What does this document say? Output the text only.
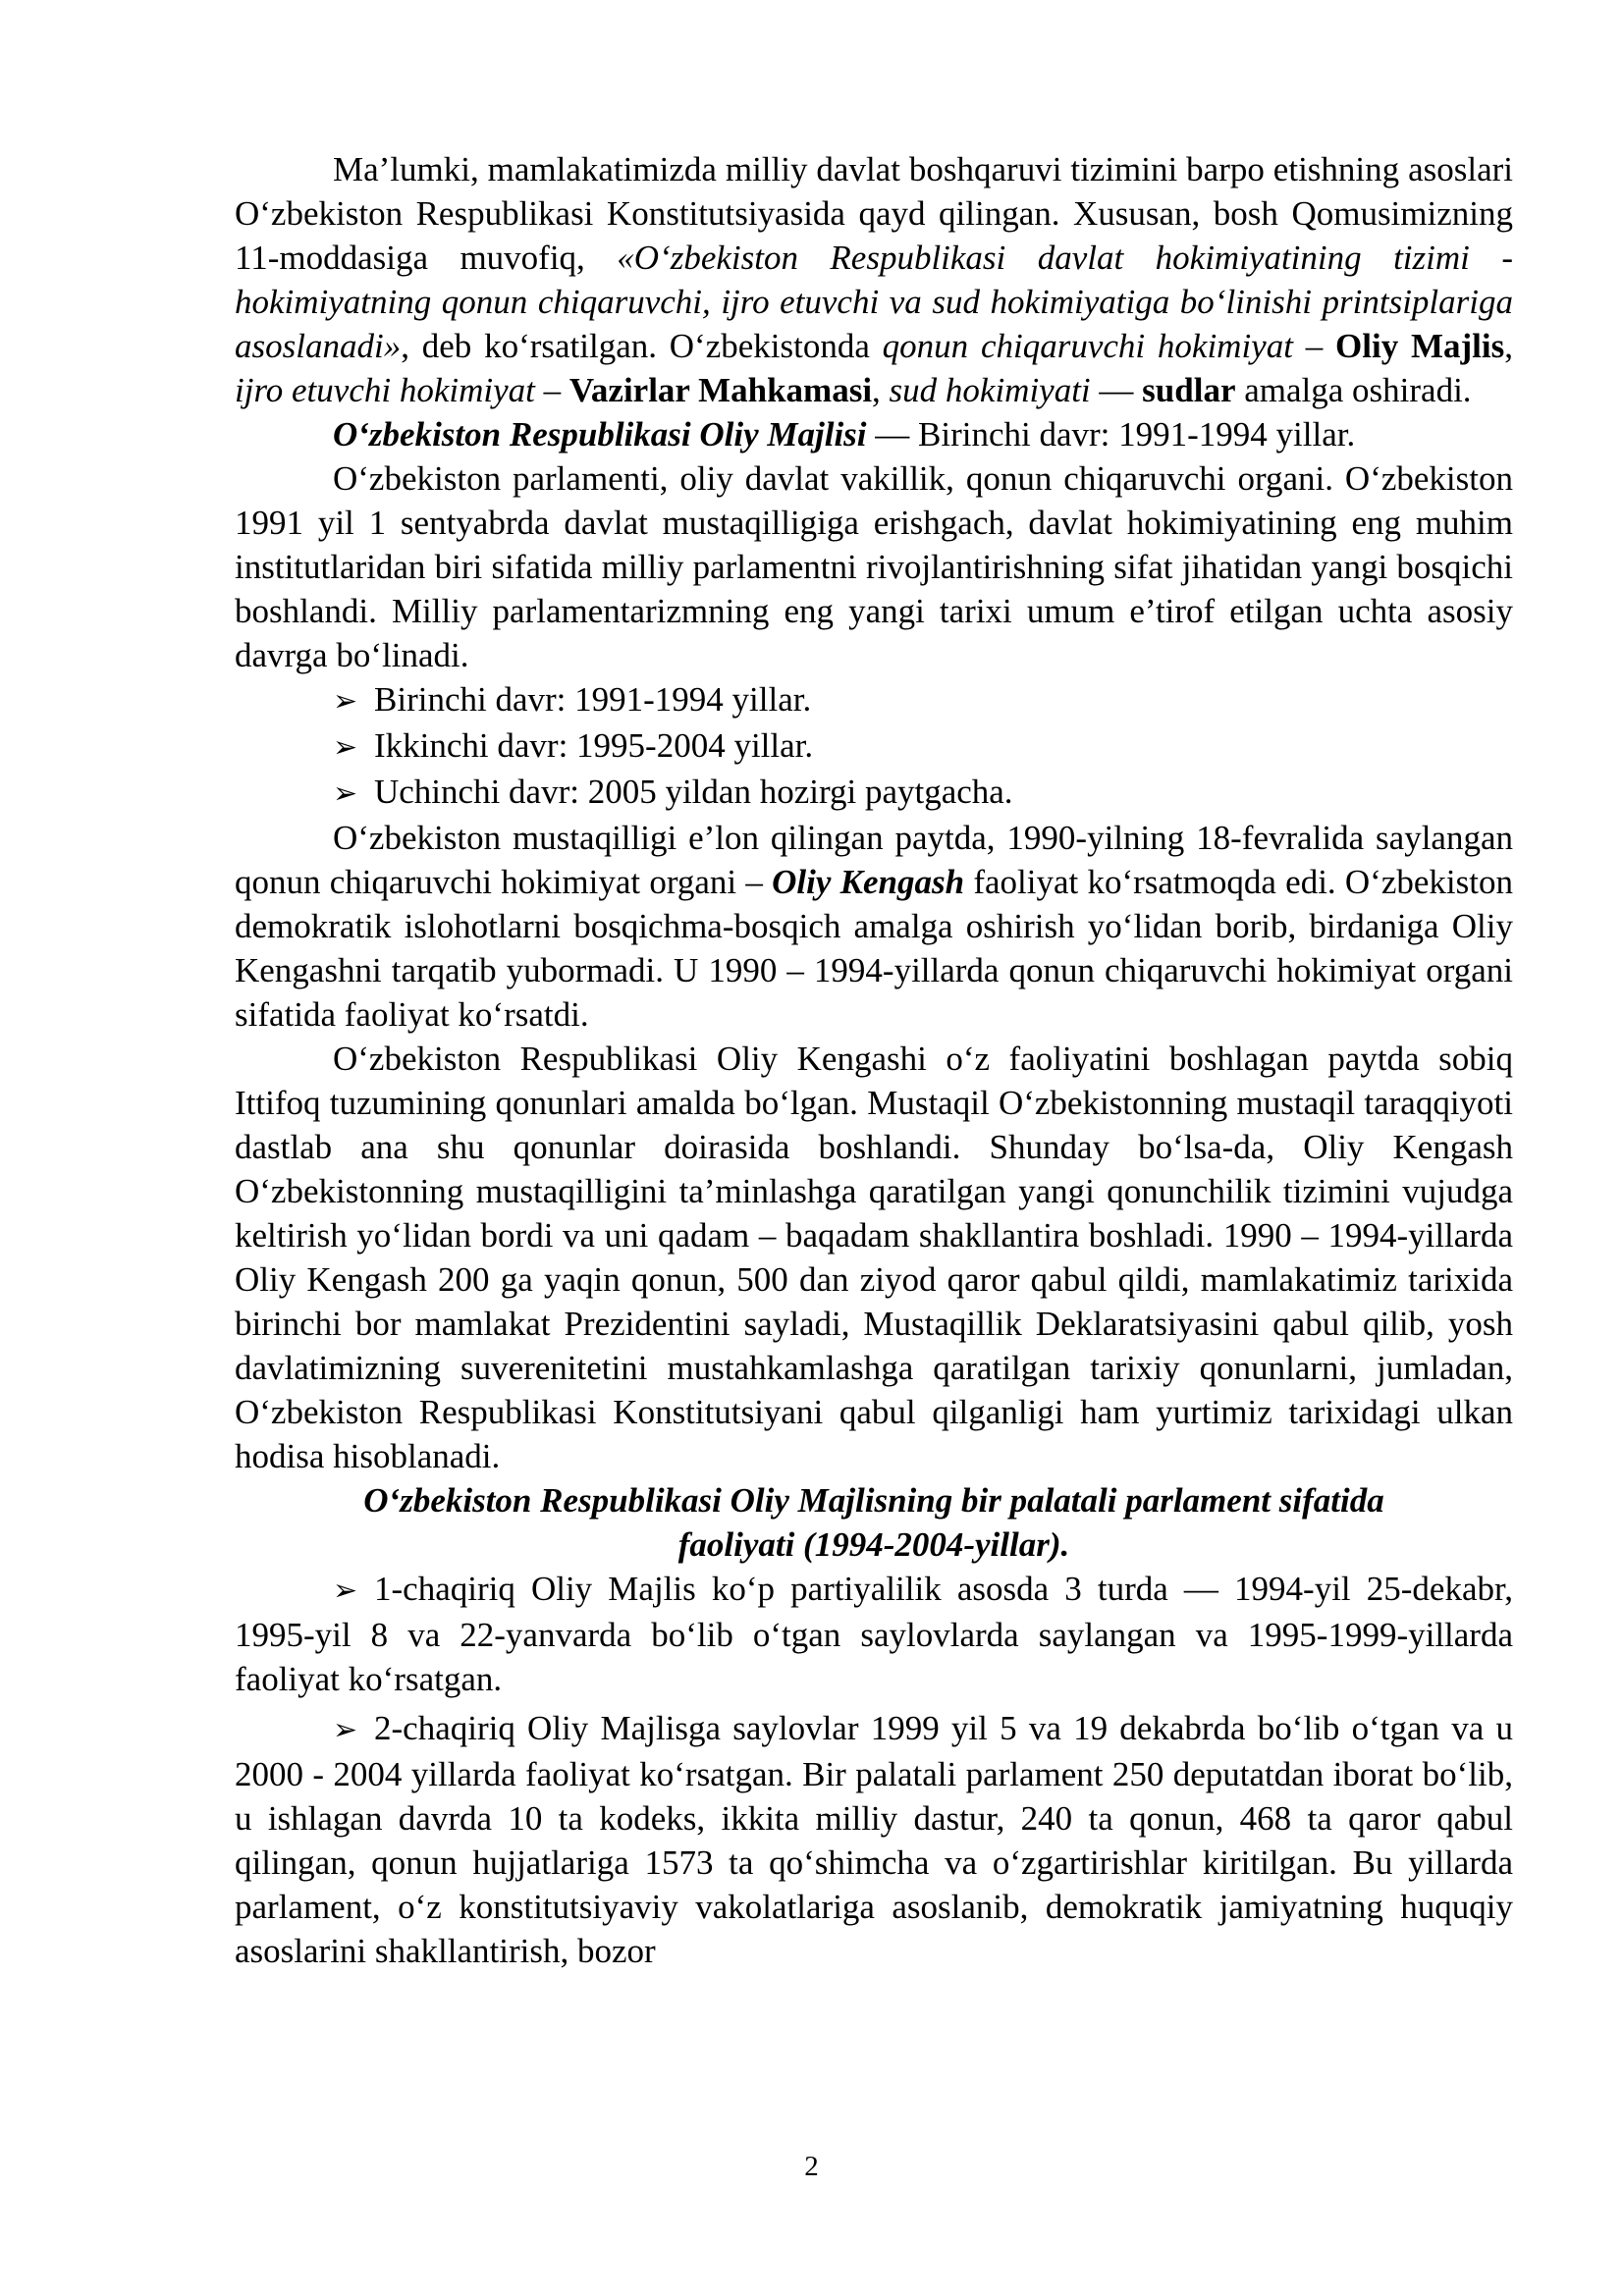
Ma’lumki, mamlakatimizda milliy davlat boshqaruvi tizimini barpo etishning asoslari O‘zbekiston Respublikasi Konstitutsiyasida qayd qilingan. Xususan, bosh Qomusimizning 11-moddasiga muvofiq, «O‘zbekiston Respublikasi davlat hokimiyatining tizimi - hokimiyatning qonun chiqaruvchi, ijro etuvchi va sud hokimiyatiga bo‘linishi printsiplariga asoslanadi», deb ko‘rsatilgan. O‘zbekistonda qonun chiqaruvchi hokimiyat – Oliy Majlis, ijro etuvchi hokimiyat – Vazirlar Mahkamasi, sud hokimiyati — sudlar amalga oshiradi.

O‘zbekiston Respublikasi Oliy Majlisi — Birinchi davr: 1991-1994 yillar.

O‘zbekiston parlamenti, oliy davlat vakillik, qonun chiqaruvchi organi. O‘zbekiston 1991 yil 1 sentyabrda davlat mustaqilligiga erishgach, davlat hokimiyatining eng muhim institutlaridan biri sifatida milliy parlamentni rivojlantirishning sifat jihatidan yangi bosqichi boshlandi. Milliy parlamentarizmning eng yangi tarixi umum e’tirof etilgan uchta asosiy davrga bo‘linadi.

➢ Birinchi davr: 1991-1994 yillar.

➢ Ikkinchi davr: 1995-2004 yillar.

➢ Uchinchi davr: 2005 yildan hozirgi paytgacha.

O‘zbekiston mustaqilligi e’lon qilingan paytda, 1990-yilning 18-fevralida saylangan qonun chiqaruvchi hokimiyat organi – Oliy Kengash faoliyat ko‘rsatmoqda edi. O‘zbekiston demokratik islohotlarni bosqichma-bosqich amalga oshirish yo‘lidan borib, birdaniga Oliy Kengashni tarqatib yubormadi. U 1990 – 1994-yillarda qonun chiqaruvchi hokimiyat organi sifatida faoliyat ko‘rsatdi.

O‘zbekiston Respublikasi Oliy Kengashi o‘z faoliyatini boshlagan paytda sobiq Ittifoq tuzumining qonunlari amalda bo‘lgan. Mustaqil O‘zbekistonning mustaqil taraqqiyoti dastlab ana shu qonunlar doirasida boshlandi. Shunday bo‘lsa-da, Oliy Kengash O‘zbekistonning mustaqilligini ta’minlashga qaratilgan yangi qonunchilik tizimini vujudga keltirish yo‘lidan bordi va uni qadam – baqadam shakllantira boshladi. 1990 – 1994-yillarda Oliy Kengash 200 ga yaqin qonun, 500 dan ziyod qaror qabul qildi, mamlakatimiz tarixida birinchi bor mamlakat Prezidentini sayladi, Mustaqillik Deklaratsiyasini qabul qilib, yosh davlatimizning suverenitetini mustahkamlashga qaratilgan tarixiy qonunlarni, jumladan, O‘zbekiston Respublikasi Konstitutsiyani qabul qilganligi ham yurtimiz tarixidagi ulkan hodisa hisoblanadi.

O‘zbekiston Respublikasi Oliy Majlisning bir palatali parlament sifatida

faoliyati (1994-2004-yillar).

➢ 1-chaqiriq Oliy Majlis ko‘p partiyalilik asosda 3 turda — 1994-yil 25-dekabr, 1995-yil 8 va 22-yanvarda bo‘lib o‘tgan saylovlarda saylangan va 1995-1999-yillarda faoliyat ko‘rsatgan.

➢ 2-chaqiriq Oliy Majlisga saylovlar 1999 yil 5 va 19 dekabrda bo‘lib o‘tgan va u 2000 - 2004 yillarda faoliyat ko‘rsatgan. Bir palatali parlament 250 deputatdan iborat bo‘lib, u ishlagan davrda 10 ta kodeks, ikkita milliy dastur, 240 ta qonun, 468 ta qaror qabul qilingan, qonun hujjatlariga 1573 ta qo‘shimcha va o‘zgartirishlar kiritilgan. Bu yillarda parlament, o‘z konstitutsiyaviy vakolatlariga asoslanib, demokratik jamiyatning huquqiy asoslarini shakllantirish, bozor

2
